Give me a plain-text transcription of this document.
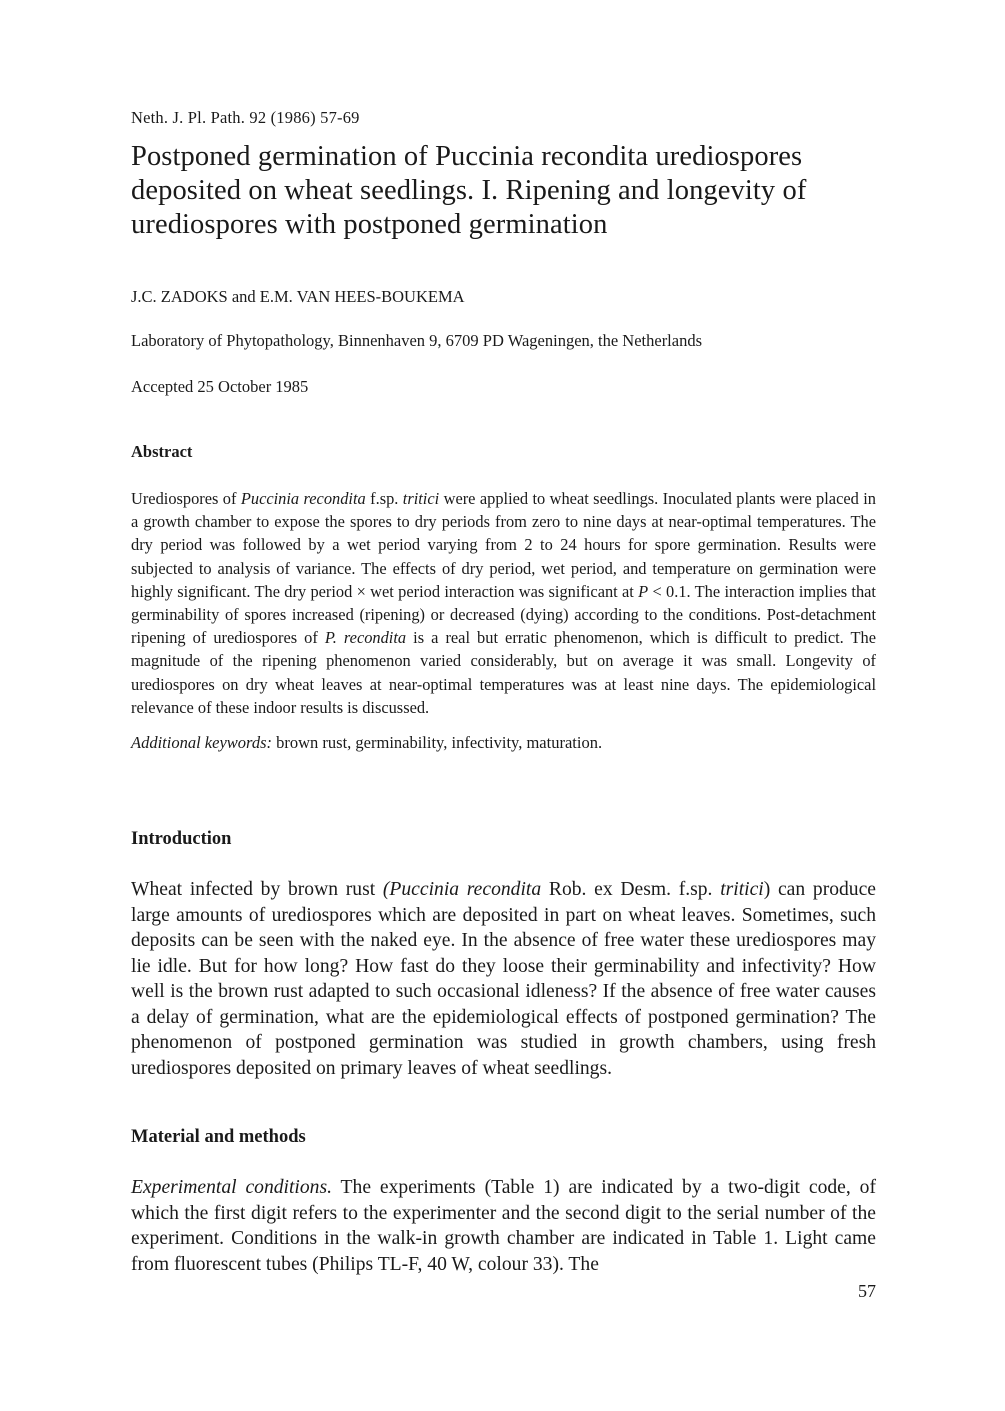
Neth. J. Pl. Path. 92 (1986) 57-69
Postponed germination of Puccinia recondita urediospores deposited on wheat seedlings. I. Ripening and longevity of urediospores with postponed germination
J.C. ZADOKS and E.M. VAN HEES-BOUKEMA
Laboratory of Phytopathology, Binnenhaven 9, 6709 PD Wageningen, the Netherlands
Accepted 25 October 1985
Abstract
Urediospores of Puccinia recondita f.sp. tritici were applied to wheat seedlings. Inoculated plants were placed in a growth chamber to expose the spores to dry periods from zero to nine days at near-optimal temperatures. The dry period was followed by a wet period varying from 2 to 24 hours for spore germination. Results were subjected to analysis of variance. The effects of dry period, wet period, and temperature on germination were highly significant. The dry period × wet period interaction was significant at P < 0.1. The interaction implies that germinability of spores increased (ripening) or decreased (dying) according to the conditions. Post-detachment ripening of urediospores of P. recondita is a real but erratic phenomenon, which is difficult to predict. The magnitude of the ripening phenomenon varied considerably, but on average it was small. Longevity of urediospores on dry wheat leaves at near-optimal temperatures was at least nine days. The epidemiological relevance of these indoor results is discussed.
Additional keywords: brown rust, germinability, infectivity, maturation.
Introduction
Wheat infected by brown rust (Puccinia recondita Rob. ex Desm. f.sp. tritici) can produce large amounts of urediospores which are deposited in part on wheat leaves. Sometimes, such deposits can be seen with the naked eye. In the absence of free water these urediospores may lie idle. But for how long? How fast do they loose their germinability and infectivity? How well is the brown rust adapted to such occasional idleness? If the absence of free water causes a delay of germination, what are the epidemiological effects of postponed germination? The phenomenon of postponed germination was studied in growth chambers, using fresh urediospores deposited on primary leaves of wheat seedlings.
Material and methods
Experimental conditions. The experiments (Table 1) are indicated by a two-digit code, of which the first digit refers to the experimenter and the second digit to the serial number of the experiment. Conditions in the walk-in growth chamber are indicated in Table 1. Light came from fluorescent tubes (Philips TL-F, 40 W, colour 33). The
57
